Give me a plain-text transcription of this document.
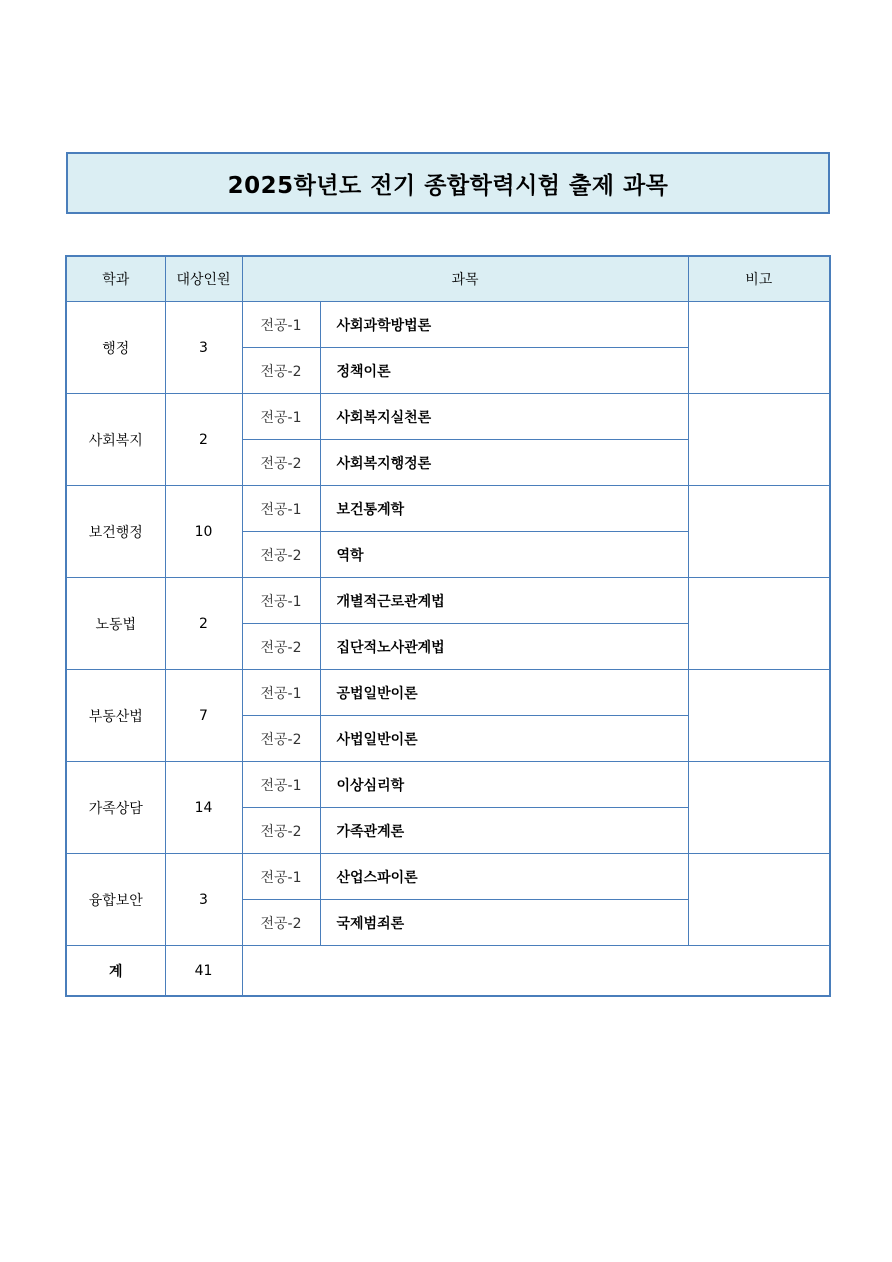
2025학년도 전기 종합학력시험 출제 과목
학과	대상인원	과목		비고
행정	3	전공-1	사회과학방법론	
		전공-2	정책이론	
사회복지	2	전공-1	사회복지실천론	
		전공-2	사회복지행정론	
보건행정	10	전공-1	보건통계학	
		전공-2	역학	
노동법	2	전공-1	개별적근로관계법	
		전공-2	집단적노사관계법	
부동산법	7	전공-1	공법일반이론	
		전공-2	사법일반이론	
가족상담	14	전공-1	이상심리학	
		전공-2	가족관계론	
융합보안	3	전공-1	산업스파이론	
		전공-2	국제범죄론	
계	41			
